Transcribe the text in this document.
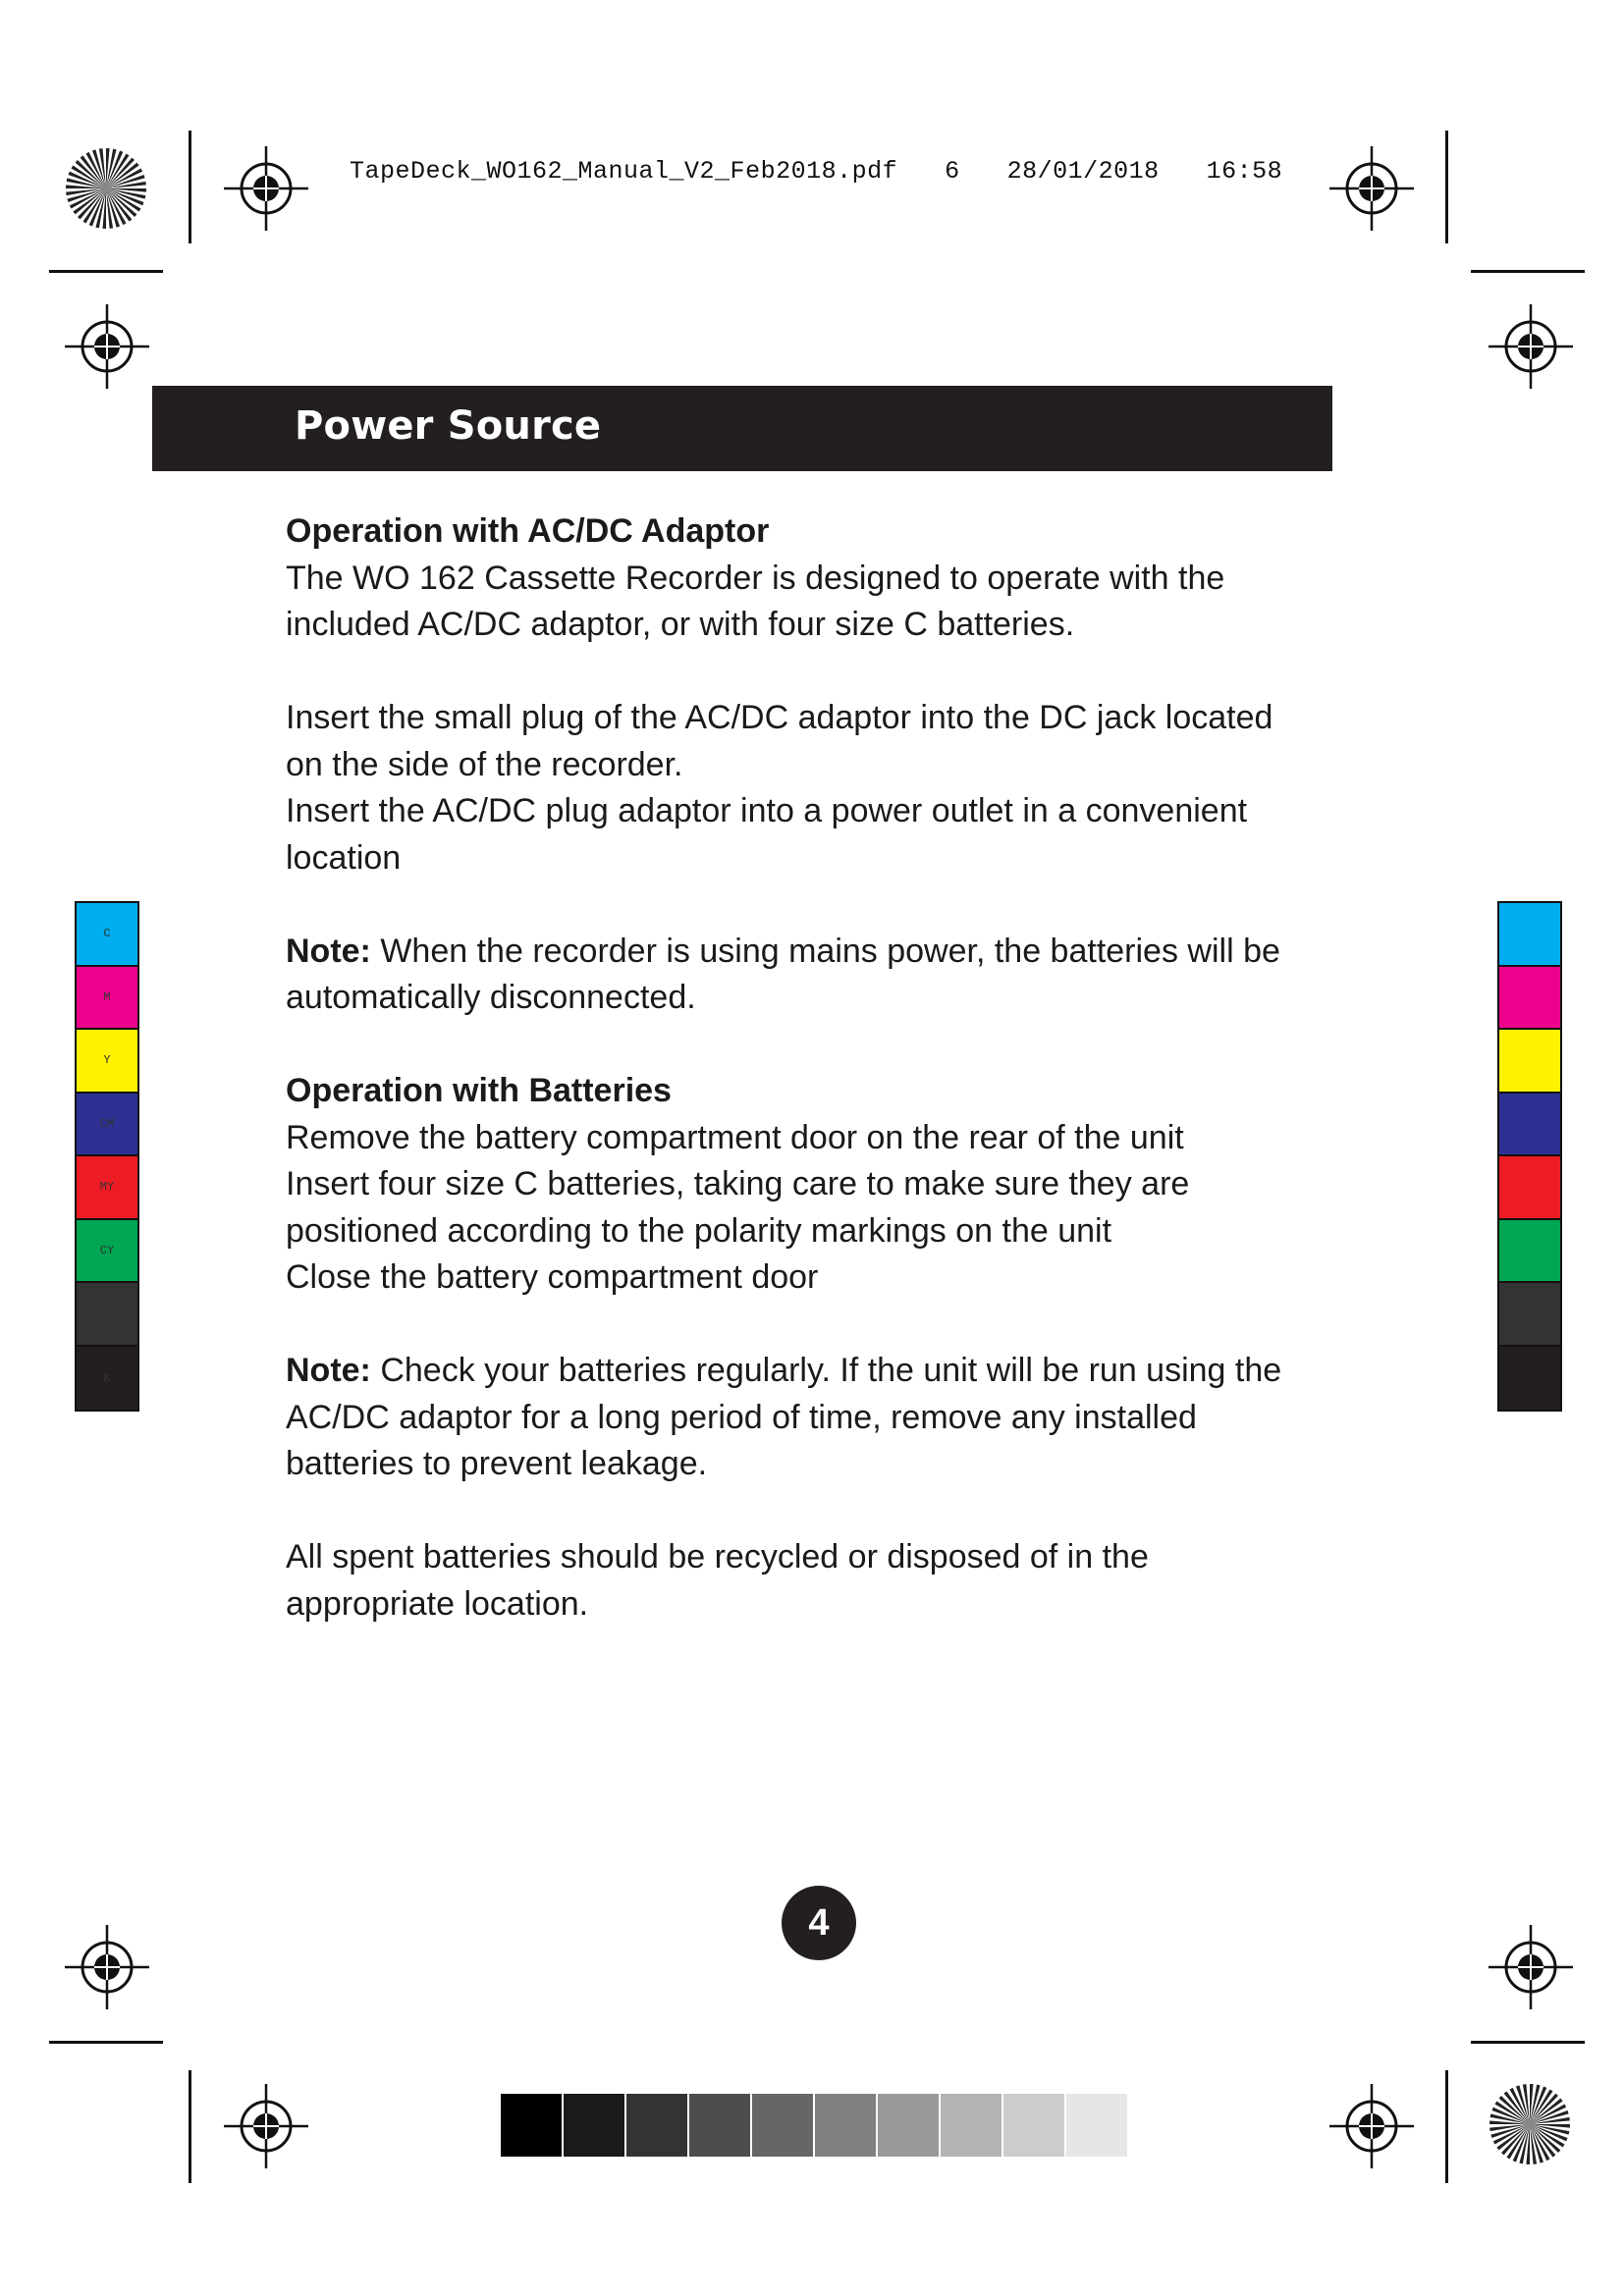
TapeDeck_WO162_Manual_V2_Feb2018.pdf 6 28/01/2018 16:58
Power Source
Operation with AC/DC Adaptor

The WO 162 Cassette Recorder is designed to operate with the included AC/DC adaptor, or with four size C batteries.

Insert the small plug of the AC/DC adaptor into the DC jack located on the side of the recorder.

Insert the AC/DC plug adaptor into a power outlet in a convenient location

Note: When the recorder is using mains power, the batteries will be automatically disconnected.

Operation with Batteries

Remove the battery compartment door on the rear of the unit

Insert four size C batteries, taking care to make sure they are positioned according to the polarity markings on the unit

Close the battery compartment door

Note: Check your batteries regularly. If the unit will be run using the AC/DC adaptor for a long period of time, remove any installed batteries to prevent leakage.

All spent batteries should be recycled or disposed of in the appropriate location.

C
M
Y
CM
MY
CY
CMY
K
4
